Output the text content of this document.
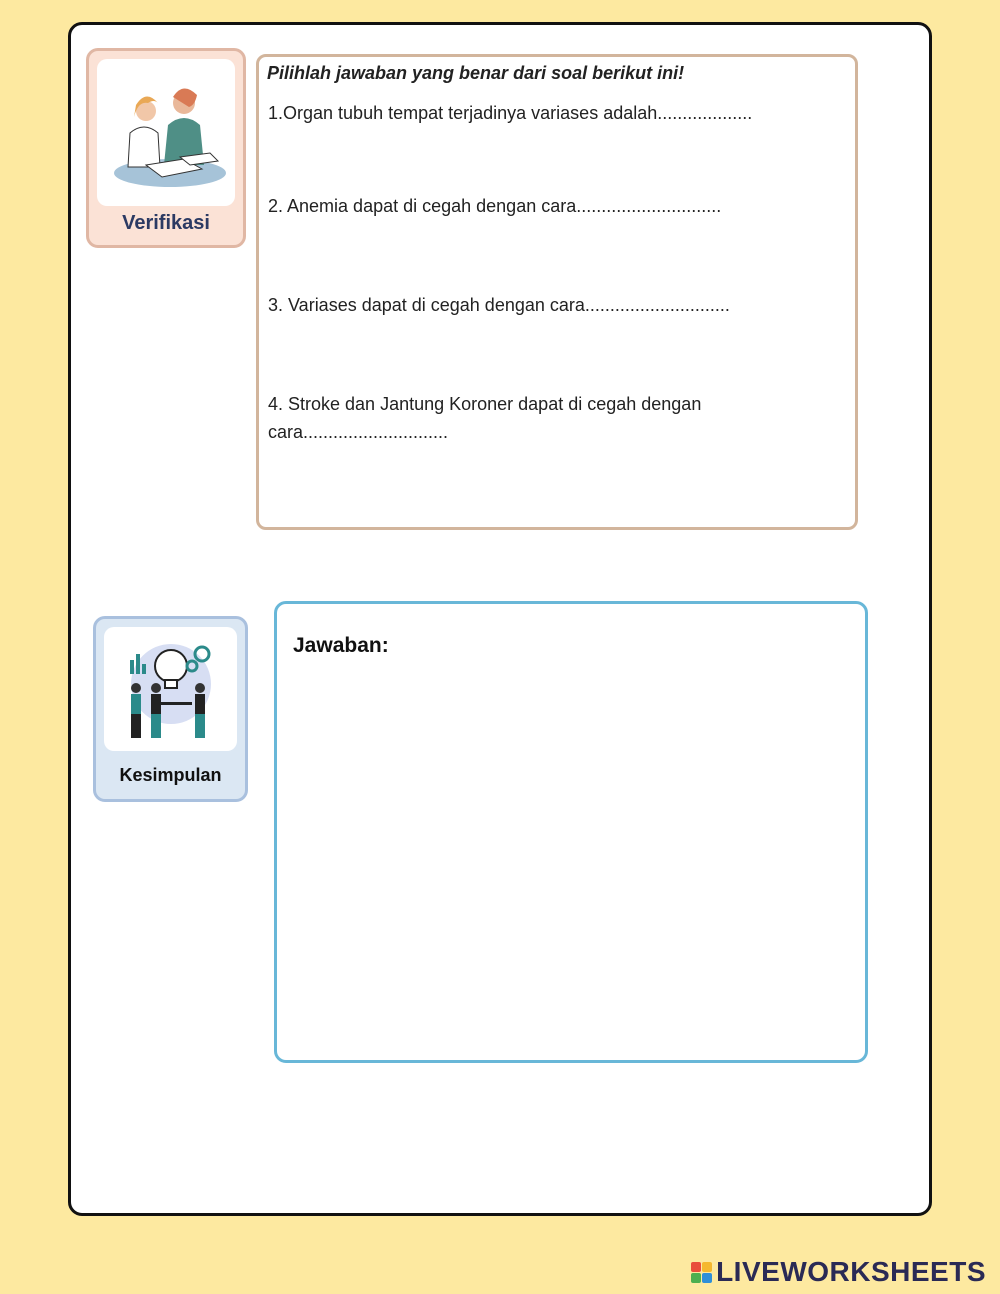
Verifikasi
Pilihlah jawaban yang benar dari soal berikut ini!
1.Organ tubuh tempat terjadinya variases adalah...................
2. Anemia dapat di cegah dengan cara.............................
3. Variases dapat di cegah dengan cara.............................
4. Stroke dan Jantung Koroner dapat di cegah dengan cara.............................
Kesimpulan
Jawaban:
LIVEWORKSHEETS
